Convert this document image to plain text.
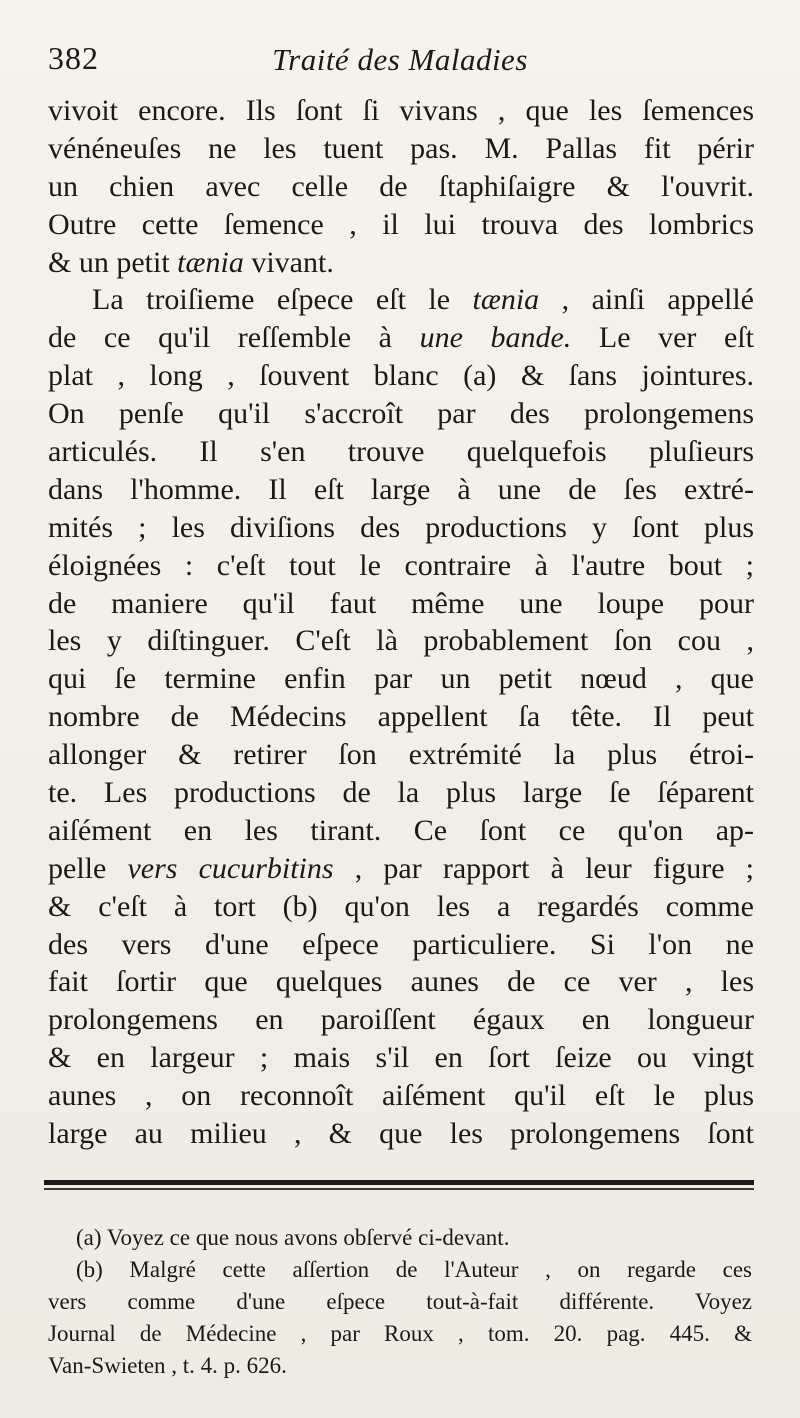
382	Traité des Maladies
vivoit encore. Ils ſont ſi vivans , que les ſemences
vénéneuſes ne les tuent pas. M. Pallas fit périr
un chien avec celle de ſtaphiſaigre & l'ouvrit.
Outre cette ſemence , il lui trouva des lombrics
& un petit tænia vivant.
La troiſieme eſpece eſt le tænia , ainſi appellé
de ce qu'il reſſemble à une bande. Le ver eſt
plat , long , ſouvent blanc (a) & ſans jointures.
On penſe qu'il s'accroît par des prolongemens
articulés. Il s'en trouve quelquefois pluſieurs
dans l'homme. Il eſt large à une de ſes extré-
mités ; les diviſions des productions y ſont plus
éloignées : c'eſt tout le contraire à l'autre bout ;
de maniere qu'il faut même une loupe pour
les y diſtinguer. C'eſt là probablement ſon cou ,
qui ſe termine enfin par un petit nœud , que
nombre de Médecins appellent ſa tête. Il peut
allonger & retirer ſon extrémité la plus étroi-
te. Les productions de la plus large ſe ſéparent
aiſément en les tirant. Ce ſont ce qu'on ap-
pelle vers cucurbitins , par rapport à leur figure ;
& c'eſt à tort (b) qu'on les a regardés comme
des vers d'une eſpece particuliere. Si l'on ne
fait ſortir que quelques aunes de ce ver , les
prolongemens en paroiſſent égaux en longueur
& en largeur ; mais s'il en ſort ſeize ou vingt
aunes , on reconnoît aiſément qu'il eſt le plus
large au milieu , & que les prolongemens ſont
(a) Voyez ce que nous avons obſervé ci-devant.
(b) Malgré cette aſſertion de l'Auteur , on regarde ces
vers comme d'une eſpece tout-à-fait différente. Voyez
Journal de Médecine , par Roux , tom. 20. pag. 445. &
Van-Swieten , t. 4. p. 626.
